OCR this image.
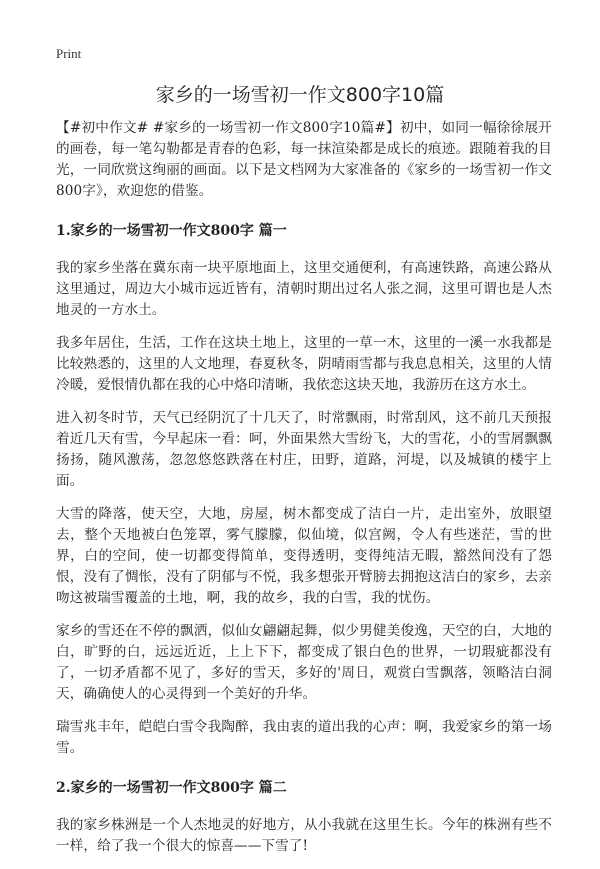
Print
家乡的一场雪初一作文800字10篇

【#初中作文# #家乡的一场雪初一作文800字10篇#】初中，如同一幅徐徐展开的画卷，每一笔勾勒都是青春的色彩，每一抹渲染都是成长的痕迹。跟随着我的目光，一同欣赏这绚丽的画面。以下是文档网为大家准备的《家乡的一场雪初一作文800字》，欢迎您的借鉴。

1.家乡的一场雪初一作文800字 篇一

我的家乡坐落在冀东南一块平原地面上，这里交通便利，有高速铁路，高速公路从这里通过，周边大小城市远近皆有，清朝时期出过名人张之洞，这里可谓也是人杰地灵的一方水土。

我多年居住，生活，工作在这块土地上，这里的一草一木，这里的一溪一水我都是比较熟悉的，这里的人文地理，春夏秋冬，阴晴雨雪都与我息息相关，这里的人情冷暖，爱恨情仇都在我的心中烙印清晰，我依恋这块天地，我游历在这方水土。

进入初冬时节，天气已经阴沉了十几天了，时常飘雨，时常刮风，这不前几天预报着近几天有雪，今早起床一看：呵，外面果然大雪纷飞，大的雪花，小的雪屑飘飘扬扬，随风激荡，忽忽悠悠跌落在村庄，田野，道路，河堤，以及城镇的楼宇上面。

大雪的降落，使天空，大地，房屋，树木都变成了洁白一片，走出室外，放眼望去，整个天地被白色笼罩，雾气朦朦，似仙境，似宫阙，令人有些迷茫，雪的世界，白的空间，使一切都变得简单，变得透明，变得纯洁无暇，豁然间没有了怨恨，没有了惆怅，没有了阴郁与不悦，我多想张开臂膀去拥抱这洁白的家乡，去亲吻这被瑞雪覆盖的土地，啊，我的故乡，我的白雪，我的忧伤。

家乡的雪还在不停的飘洒，似仙女翩翩起舞，似少男健美俊逸，天空的白，大地的白，旷野的白，远远近近，上上下下，都变成了银白色的世界，一切瑕疵都没有了，一切矛盾都不见了，多好的雪天，多好的'周日，观赏白雪飘落，领略洁白洞天，确确使人的心灵得到一个美好的升华。

瑞雪兆丰年，皑皑白雪令我陶醉，我由衷的道出我的心声：啊，我爱家乡的第一场雪。

2.家乡的一场雪初一作文800字 篇二

我的家乡株洲是一个人杰地灵的好地方，从小我就在这里生长。今年的株洲有些不一样，给了我一个很大的惊喜——下雪了!
